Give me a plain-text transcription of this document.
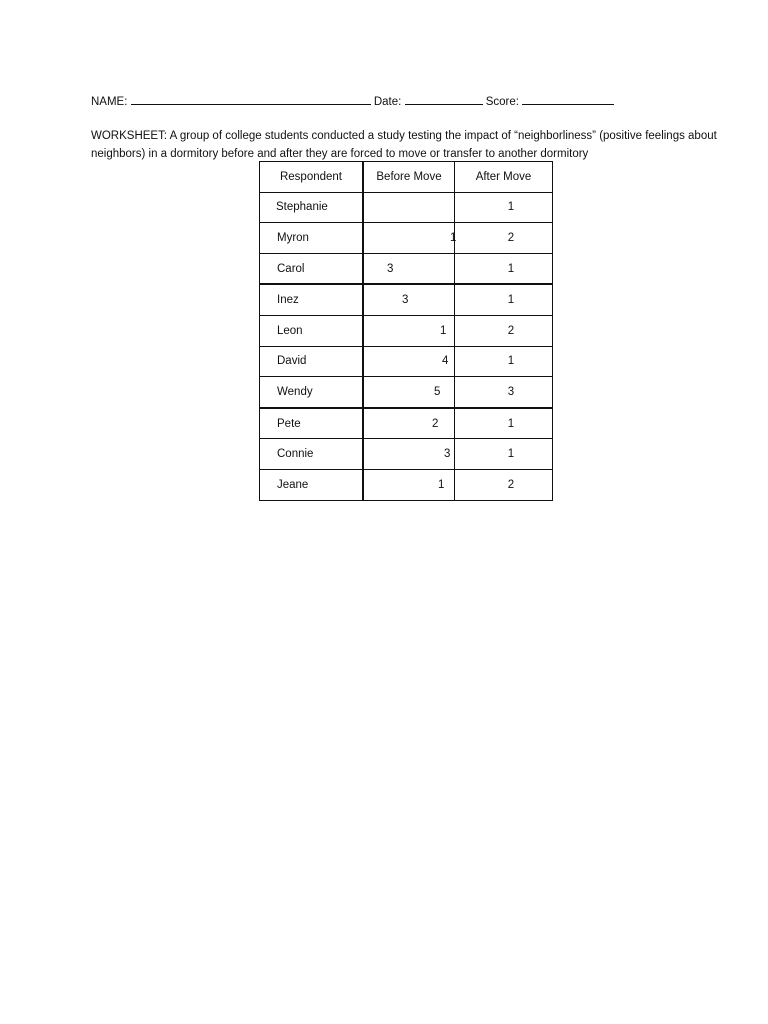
NAME:	Date:	Score:
WORKSHEET: A group of college students conducted a study testing the impact of “neighborliness” (positive feelings about neighbors) in a dormitory before and after they are forced to move or transfer to another dormitory
Respondent	Before Move	After Move
Stephanie		1
Myron	1	2
Carol	3	1
Inez	3	1
Leon	1	2
David	4	1
Wendy	5	3
Pete	2	1
Connie	3	1
Jeane	1	2
